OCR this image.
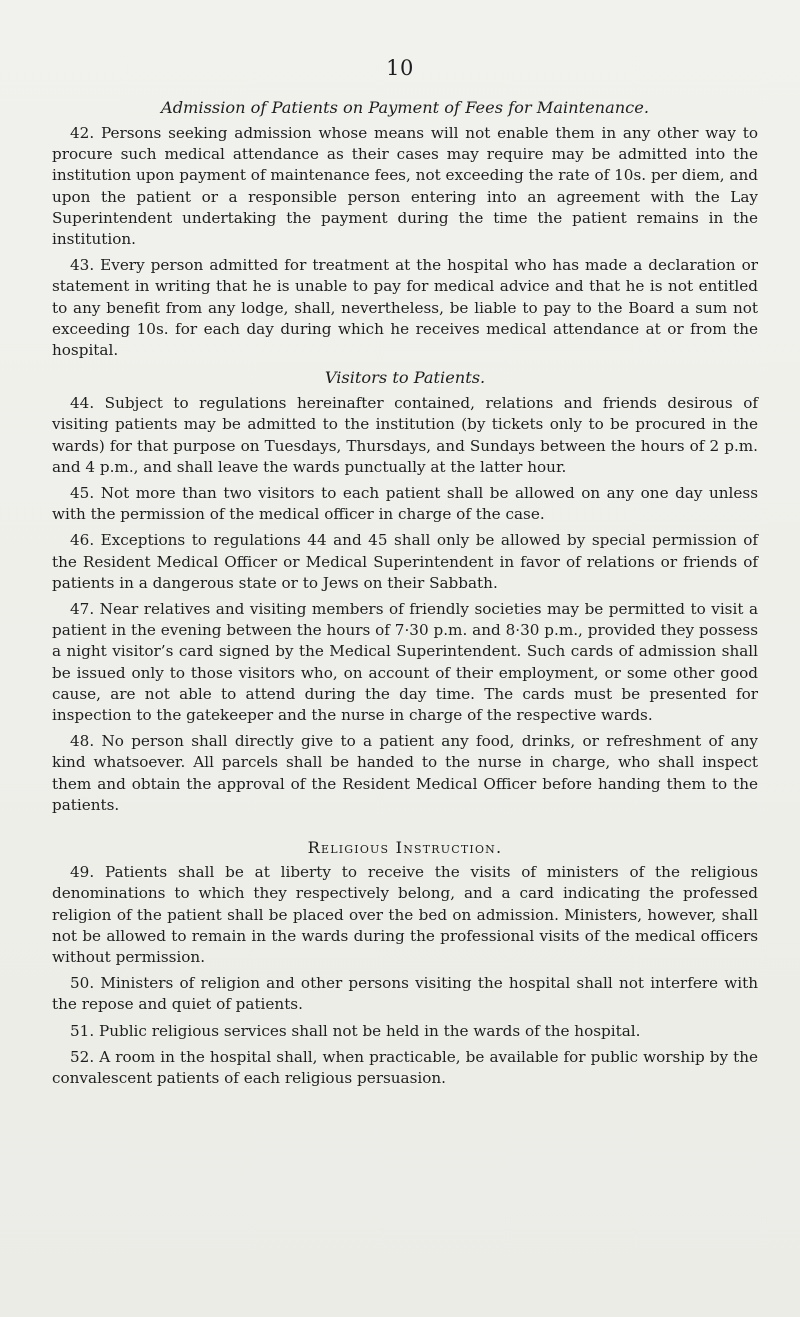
10
Admission of Patients on Payment of Fees for Maintenance.

42. Persons seeking admission whose means will not enable them in any other way to procure such medical attendance as their cases may require may be admitted into the institution upon payment of maintenance fees, not exceeding the rate of 10s. per diem, and upon the patient or a responsible person entering into an agreement with the Lay Superintendent undertaking the payment during the time the patient remains in the institution.

43. Every person admitted for treatment at the hospital who has made a declaration or statement in writing that he is unable to pay for medical advice and that he is not entitled to any benefit from any lodge, shall, nevertheless, be liable to pay to the Board a sum not exceeding 10s. for each day during which he receives medical attendance at or from the hospital.

Visitors to Patients.

44. Subject to regulations hereinafter contained, relations and friends desirous of visiting patients may be admitted to the institution (by tickets only to be procured in the wards) for that purpose on Tuesdays, Thursdays, and Sundays between the hours of 2 p.m. and 4 p.m., and shall leave the wards punctually at the latter hour.

45. Not more than two visitors to each patient shall be allowed on any one day unless with the permission of the medical officer in charge of the case.

46. Exceptions to regulations 44 and 45 shall only be allowed by special permission of the Resident Medical Officer or Medical Superintendent in favor of relations or friends of patients in a dangerous state or to Jews on their Sabbath.

47. Near relatives and visiting members of friendly societies may be permitted to visit a patient in the evening between the hours of 7·30 p.m. and 8·30 p.m., provided they possess a night visitor’s card signed by the Medical Superintendent. Such cards of admission shall be issued only to those visitors who, on account of their employment, or some other good cause, are not able to attend during the day time. The cards must be presented for inspection to the gatekeeper and the nurse in charge of the respective wards.

48. No person shall directly give to a patient any food, drinks, or refreshment of any kind whatsoever. All parcels shall be handed to the nurse in charge, who shall inspect them and obtain the approval of the Resident Medical Officer before handing them to the patients.

Religious Instruction.

49. Patients shall be at liberty to receive the visits of ministers of the religious denominations to which they respectively belong, and a card indicating the professed religion of the patient shall be placed over the bed on admission. Ministers, however, shall not be allowed to remain in the wards during the professional visits of the medical officers without permission.

50. Ministers of religion and other persons visiting the hospital shall not interfere with the repose and quiet of patients.

51. Public religious services shall not be held in the wards of the hospital.

52. A room in the hospital shall, when practicable, be available for public worship by the convalescent patients of each religious persuasion.
